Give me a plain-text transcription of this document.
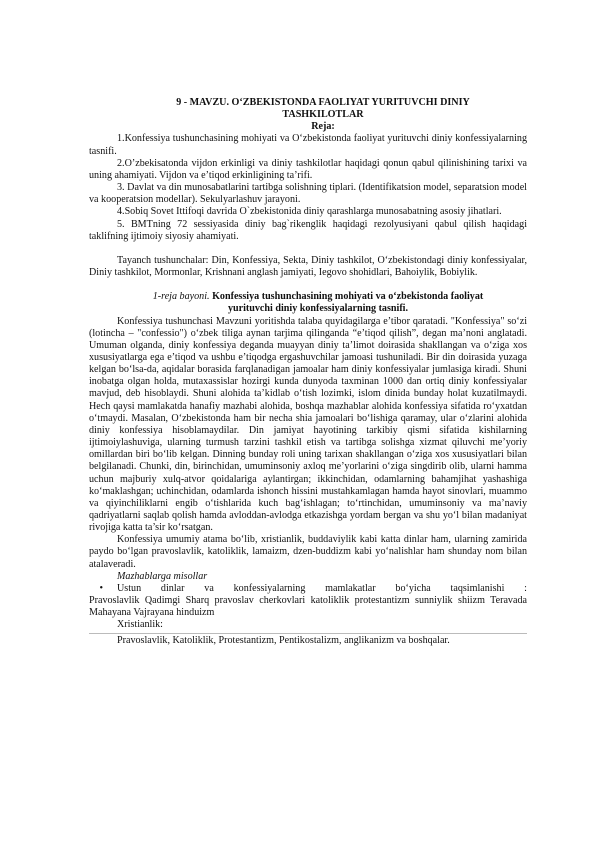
9 - MAVZU. O‘ZBEKISTONDA FAOLIYAT YURITUVCHI DINIY

TASHKILOTLAR

Reja:

1.Konfessiya tushunchasining mohiyati va O‘zbekistonda faoliyat yurituvchi diniy konfessiyalarning tasnifi.

2.O’zbekisatonda vijdon erkinligi va diniy tashkilotlar haqidagi qonun qabul qilinishining tarixi va uning ahamiyati. Vijdon va e’tiqod erkinligining ta’rifi.

3. Davlat va din munosabatlarini tartibga solishning tiplari. (Identifikatsion model, separatsion model va kooperatsion modellar). Sekulyarlashuv jarayoni.

4.Sobiq Sovet Ittifoqi davrida O`zbekistonida diniy qarashlarga munosabatning asosiy jihatlari.

5. BMTning 72 sessiyasida diniy bag`rikenglik haqidagi rezolyusiyani qabul qilish haqidagi taklifning ijtimoiy siyosiy ahamiyati.

Tayanch tushunchalar: Din, Konfessiya, Sekta, Diniy tashkilot, O‘zbekistondagi diniy konfessiyalar, Diniy tashkilot, Mormonlar, Krishnani anglash jamiyati, Iegovo shohidlari, Bahoiylik, Bobiylik.

1-reja bayoni. Konfessiya tushunchasining mohiyati va o‘zbekistonda faoliyat

yurituvchi diniy konfessiyalarning tasnifi.

Konfessiya tushunchasi Mavzuni yoritishda talaba quyidagilarga e’tibor qaratadi. "Konfessiya" so‘zi (lotincha – "confessio") o‘zbek tiliga aynan tarjima qilinganda “e’tiqod qilish”, degan ma’noni anglatadi. Umuman olganda, diniy konfessiya deganda muayyan diniy ta’limot doirasida shakllangan va o‘ziga xos xususiyatlarga ega e’tiqod va ushbu e’tiqodga ergashuvchilar jamoasi tushuniladi. Bir din doirasida yuzaga kelgan bo‘lsa-da, aqidalar borasida farqlanadigan jamoalar ham diniy konfessiyalar jumlasiga kiradi. Shuni inobatga olgan holda, mutaxassislar hozirgi kunda dunyoda taxminan 1000 dan ortiq diniy konfessiyalar mavjud, deb hisoblaydi. Shuni alohida ta’kidlab o‘tish lozimki, islom dinida bunday holat kuzatilmaydi. Hech qaysi mamlakatda hanafiy mazhabi alohida, boshqa mazhablar alohida konfessiya sifatida ro‘yxatdan o‘tmaydi. Masalan, O‘zbekistonda ham bir necha shia jamoalari bo‘lishiga qaramay, ular o‘zlarini alohida diniy konfessiya hisoblamaydilar. Din jamiyat hayotining tarkibiy qismi sifatida kishilarning ijtimoiylashuviga, ularning turmush tarzini tashkil etish va tartibga solishga xizmat qiluvchi me’yoriy omillardan biri bo‘lib kelgan. Dinning bunday roli uning tarixan shakllangan o‘ziga xos xususiyatlari bilan belgilanadi. Chunki, din, birinchidan, umuminsoniy axloq me’yorlarini o‘ziga singdirib olib, ularni hamma uchun majburiy xulq-atvor qoidalariga aylantirgan; ikkinchidan, odamlarning bahamjihat yashashiga ko‘maklashgan; uchinchidan, odamlarda ishonch hissini mustahkamlagan hamda hayot sinovlari, muammo va qiyinchiliklarni engib o‘tishlarida kuch bag‘ishlagan; to‘rtinchidan, umuminsoniy va ma’naviy qadriyatlarni saqlab qolish hamda avloddan-avlodga etkazishga yordam bergan va shu yo‘l bilan madaniyat rivojiga katta ta’sir ko‘rsatgan.

Konfessiya umumiy atama bo‘lib, xristianlik, buddaviylik kabi katta dinlar ham, ularning zamirida paydo bo‘lgan pravoslavlik, katoliklik, lamaizm, dzen-buddizm kabi yo‘nalishlar ham shunday nom bilan atalaveradi.

Mazhablarga misollar

•	Ustun dinlar va konfessiyalarning mamlakatlar bo‘yicha taqsimlanishi :

Pravoslavlik Qadimgi Sharq pravoslav cherkovlari katoliklik protestantizm sunniylik shiizm Teravada Mahayana Vajrayana hinduizm

Xristianlik:

Pravoslavlik, Katoliklik, Protestantizm, Pentikostalizm, anglikanizm va boshqalar.
